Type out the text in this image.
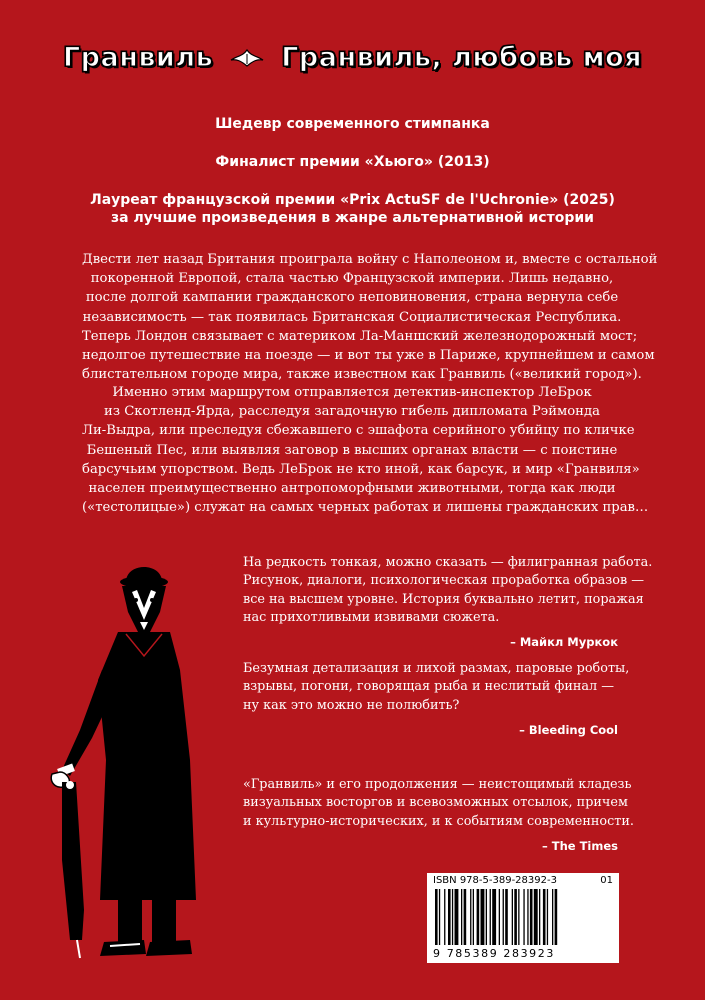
Гранвиль	Гранвиль, любовь моя
Шедевр современного стимпанка
Финалист премии «Хьюго» (2013)
Лауреат французской премии «Prix ActuSF de l'Uchronie» (2025)
за лучшие произведения в жанре альтернативной истории
Двести лет назад Британия проиграла войну с Наполеоном и, вместе с остальной
покоренной Европой, стала частью Французской империи. Лишь недавно,
после долгой кампании гражданского неповиновения, страна вернула себе
независимость — так появилась Британская Социалистическая Республика.
Теперь Лондон связывает с материком Ла-Маншский железнодорожный мост;
недолгое путешествие на поезде — и вот ты уже в Париже, крупнейшем и самом
блистательном городе мира, также известном как Гранвиль («великий город»).
Именно этим маршрутом отправляется детектив-инспектор ЛеБрок
из Скотленд-Ярда, расследуя загадочную гибель дипломата Рэймонда
Ли-Выдра, или преследуя сбежавшего с эшафота серийного убийцу по кличке
Бешеный Пес, или выявляя заговор в высших органах власти — с поистине
барсучьим упорством. Ведь ЛеБрок не кто иной, как барсук, и мир «Гранвиля»
населен преимущественно антропоморфными животными, тогда как люди
(«тестолицые») служат на самых черных работах и лишены гражданских прав…
На редкость тонкая, можно сказать — филигранная работа.
Рисунок, диалоги, психологическая проработка образов —
все на высшем уровне. История буквально летит, поражая
нас прихотливыми извивами сюжета.
– Майкл Муркок
Безумная детализация и лихой размах, паровые роботы,
взрывы, погони, говорящая рыба и неслитый финал —
ну как это можно не полюбить?
– Bleeding Cool
«Гранвиль» и его продолжения — неистощимый кладезь
визуальных восторгов и всевозможных отсылок, причем
и культурно-исторических, и к событиям современности.
– The Times
ISBN 978-5-389-28392-3	01
9 785389 283923
